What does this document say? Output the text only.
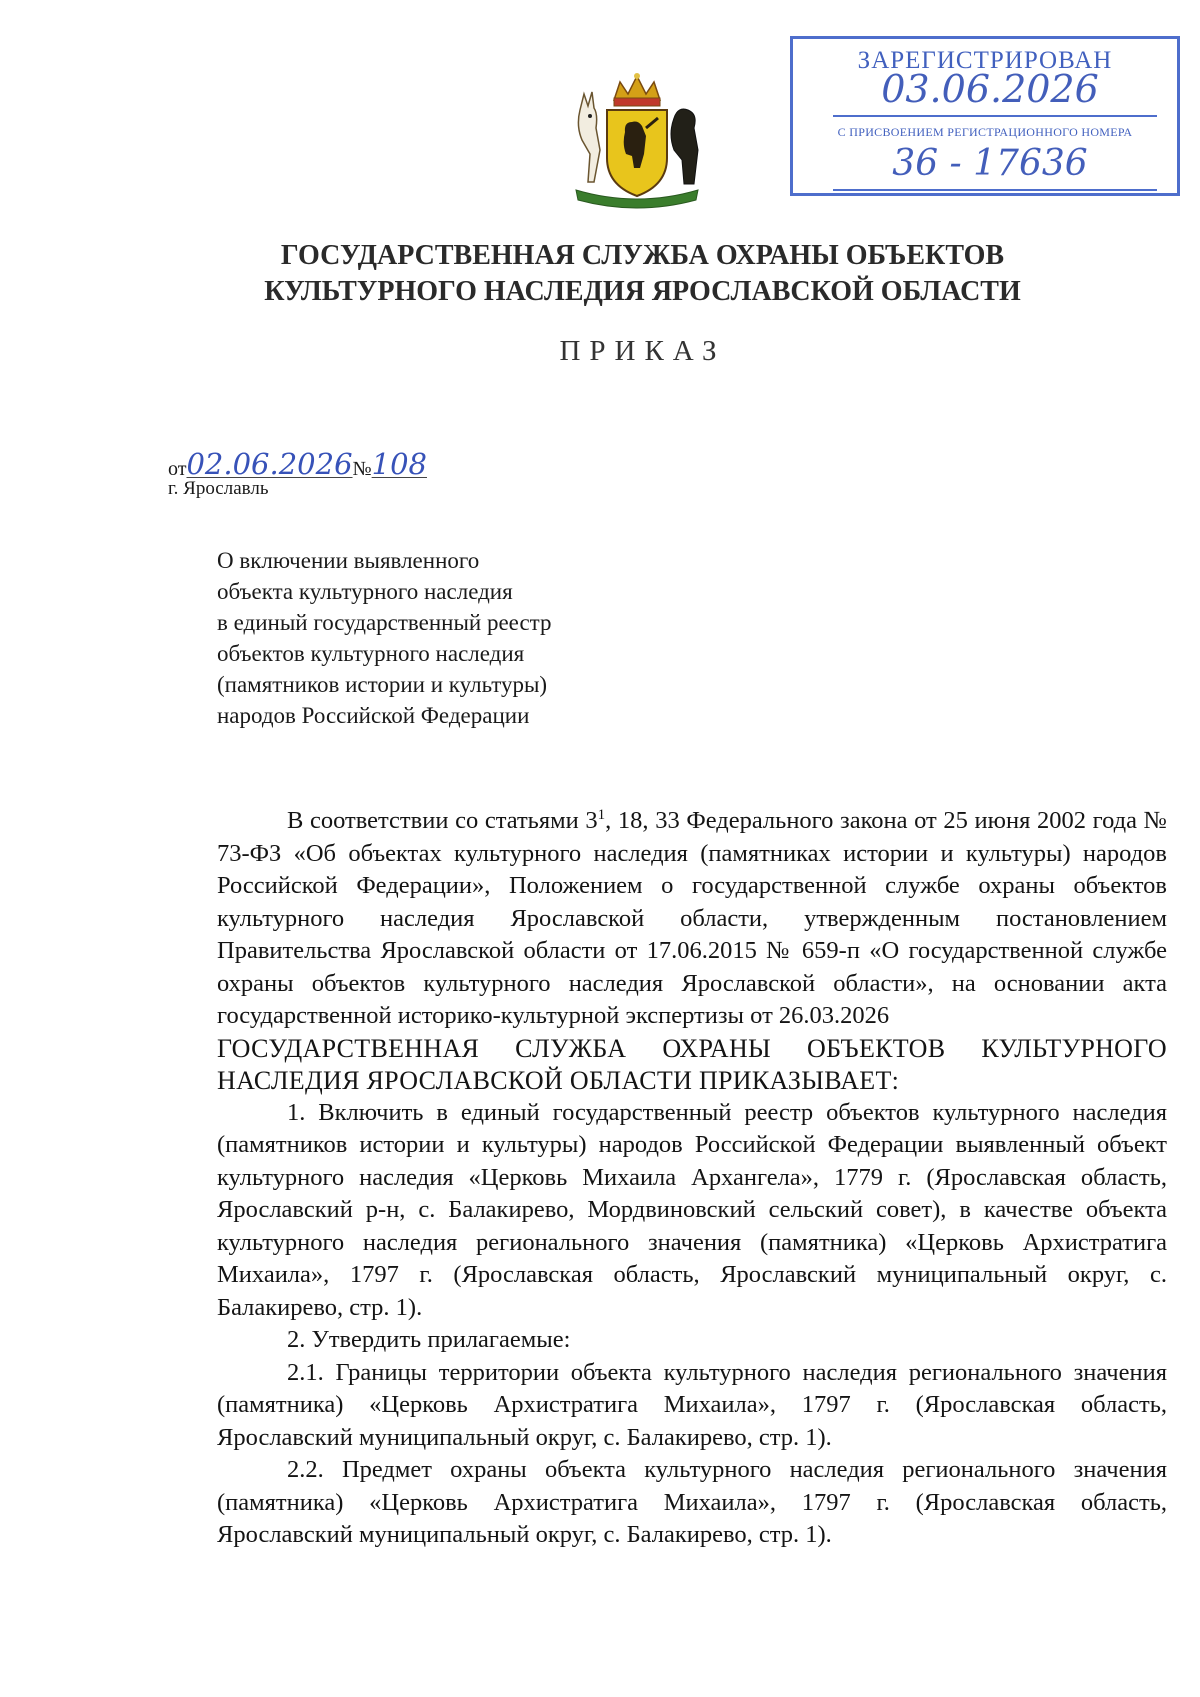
ЗАРЕГИСТРИРОВАН
03.06.2026
С ПРИСВОЕНИЕМ РЕГИСТРАЦИОННОГО НОМЕРА
36 - 17636
ГОСУДАРСТВЕННАЯ СЛУЖБА ОХРАНЫ ОБЪЕКТОВ
КУЛЬТУРНОГО НАСЛЕДИЯ ЯРОСЛАВСКОЙ ОБЛАСТИ
ПРИКАЗ
от02.06.2026№108
г. Ярославль
О включении выявленного
объекта культурного наследия
в единый государственный реестр
объектов культурного наследия
(памятников истории и культуры)
народов Российской Федерации

В соответствии со статьями $3^1$, 18, 33 Федерального закона от 25 июня 2002 года № 73-ФЗ «Об объектах культурного наследия (памятниках истории и культуры) народов Российской Федерации», Положением о государственной службе охраны объектов культурного наследия Ярославской области, утвержденным постановлением Правительства Ярославской области от 17.06.2015 № 659-п «О государственной службе охраны объектов культурного наследия Ярославской области», на основании акта государственной историко-культурной экспертизы от 26.03.2026

ГОСУДАРСТВЕННАЯ СЛУЖБА ОХРАНЫ ОБЪЕКТОВ КУЛЬТУРНОГО НАСЛЕДИЯ ЯРОСЛАВСКОЙ ОБЛАСТИ ПРИКАЗЫВАЕТ:

1. Включить в единый государственный реестр объектов культурного наследия (памятников истории и культуры) народов Российской Федерации выявленный объект культурного наследия «Церковь Михаила Архангела», 1779 г. (Ярославская область, Ярославский р-н, с. Балакирево, Мордвиновский сельский совет), в качестве объекта культурного наследия регионального значения (памятника) «Церковь Архистратига Михаила», 1797 г. (Ярославская область, Ярославский муниципальный округ, с. Балакирево, стр. 1).

2. Утвердить прилагаемые:

2.1. Границы территории объекта культурного наследия регионального значения (памятника) «Церковь Архистратига Михаила», 1797 г. (Ярославская область, Ярославский муниципальный округ, с. Балакирево, стр. 1).

2.2. Предмет охраны объекта культурного наследия регионального значения (памятника) «Церковь Архистратига Михаила», 1797 г. (Ярославская область, Ярославский муниципальный округ, с. Балакирево, стр. 1).
